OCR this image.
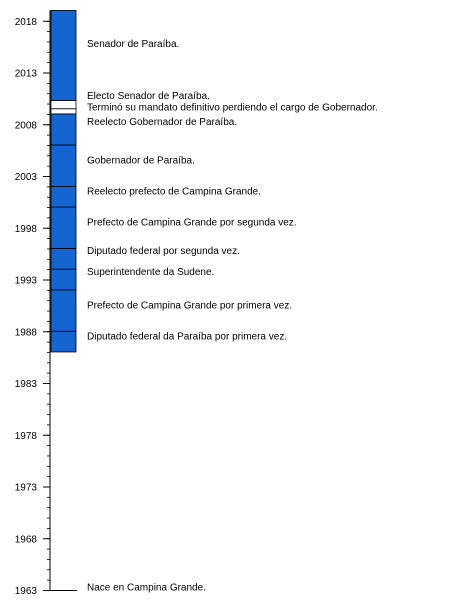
1963
1968
1973
1978
1983
1988
1993
1998
2003
2008
2013
2018
Nace en Campina Grande.
Diputado federal da Paraíba por primera vez.
Prefecto de Campina Grande por primera vez.
Superintendente da Sudene.
Diputado federal por segunda vez.
Prefecto de Campina Grande por segunda vez.
Reelecto prefecto de Campina Grande.
Gobernador de Paraíba.
Reelecto Gobernador de Paraíba.
Terminó su mandato definitivo perdiendo el cargo de Gobernador.
Electo Senador de Paraíba.
Senador de Paraíba.
